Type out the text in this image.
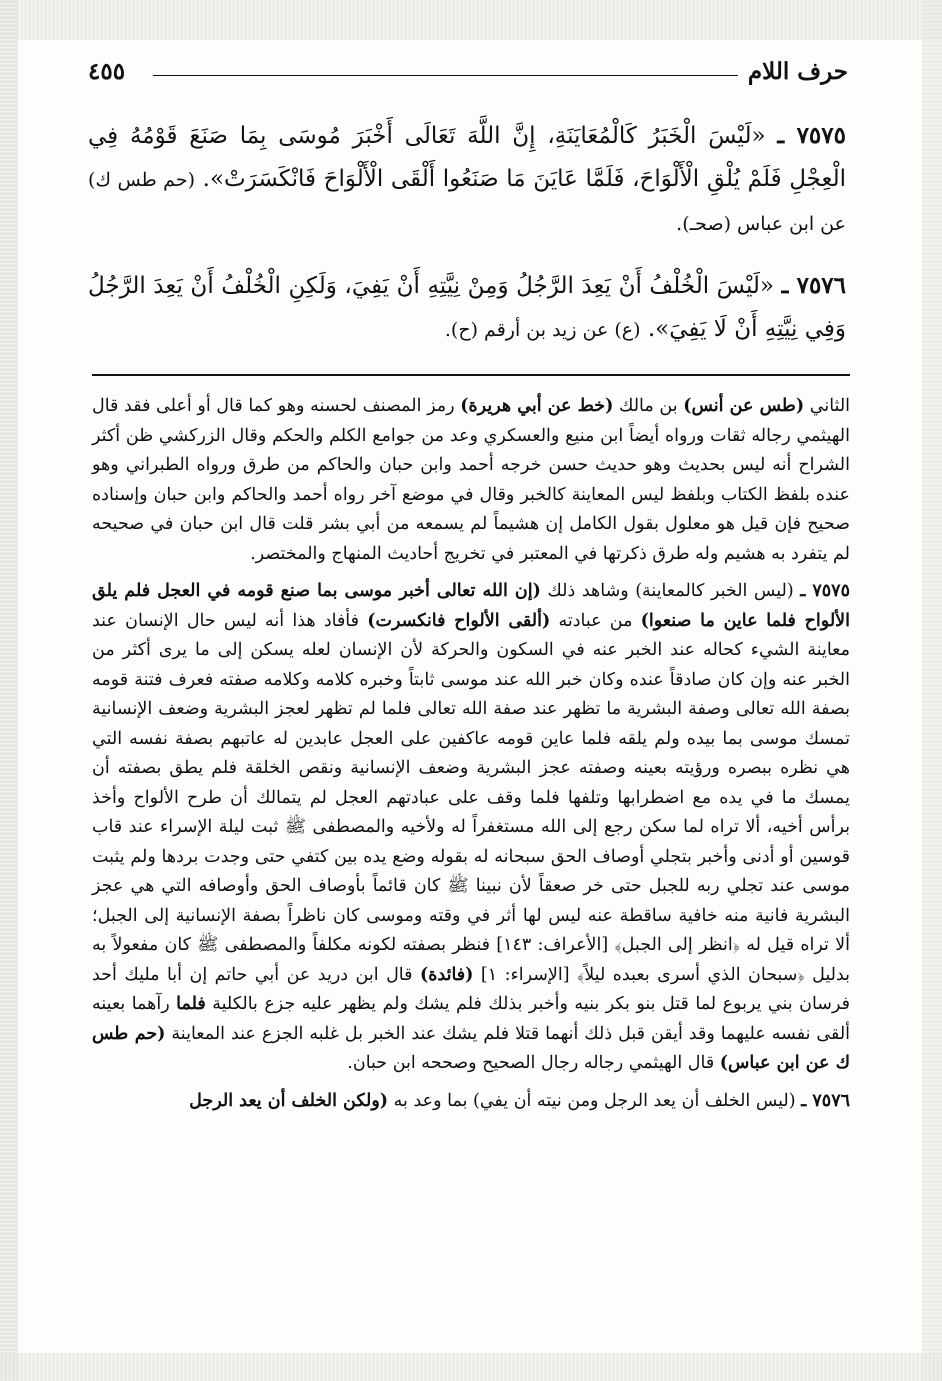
حرف اللام
٤٥٥
٧٥٧٥ ـ «لَيْسَ الْخَبَرُ كَالْمُعَايَنَةِ، إِنَّ اللَّهَ تَعَالَى أَخْبَرَ مُوسَى بِمَا صَنَعَ قَوْمُهُ فِي الْعِجْلِ فَلَمْ يُلْقِ الْأَلْوَاحَ، فَلَمَّا عَايَنَ مَا صَنَعُوا أَلْقَى الْأَلْوَاحَ فَانْكَسَرَتْ». (حم طس ك) عن ابن عباس (صحـ).
٧٥٧٦ ـ «لَيْسَ الْخُلْفُ أَنْ يَعِدَ الرَّجُلُ وَمِنْ نِيَّتِهِ أَنْ يَفِيَ، وَلَكِنِ الْخُلْفُ أَنْ يَعِدَ الرَّجُلُ وَفِي نِيَّتِهِ أَنْ لَا يَفِيَ». (ع) عن زيد بن أرقم (ح).

الثاني (طس عن أنس) بن مالك (خط عن أبي هريرة) رمز المصنف لحسنه وهو كما قال أو أعلى فقد قال الهيثمي رجاله ثقات ورواه أيضاً ابن منيع والعسكري وعد من جوامع الكلم والحكم وقال الزركشي ظن أكثر الشراح أنه ليس بحديث وهو حديث حسن خرجه أحمد وابن حبان والحاكم من طرق ورواه الطبراني وهو عنده بلفظ الكتاب وبلفظ ليس المعاينة كالخبر وقال في موضع آخر رواه أحمد والحاكم وابن حبان وإسناده صحيح فإن قيل هو معلول بقول الكامل إن هشيماً لم يسمعه من أبي بشر قلت قال ابن حبان في صحيحه لم يتفرد به هشيم وله طرق ذكرتها في المعتبر في تخريج أحاديث المنهاج والمختصر.

٧٥٧٥ ـ (ليس الخبر كالمعاينة) وشاهد ذلك (إن الله تعالى أخبر موسى بما صنع قومه في العجل فلم يلق الألواح فلما عاين ما صنعوا) من عبادته (ألقى الألواح فانكسرت) فأفاد هذا أنه ليس حال الإنسان عند معاينة الشيء كحاله عند الخبر عنه في السكون والحركة لأن الإنسان لعله يسكن إلى ما يرى أكثر من الخبر عنه وإن كان صادقاً عنده وكان خبر الله عند موسى ثابتاً وخبره كلامه وكلامه صفته فعرف فتنة قومه بصفة الله تعالى وصفة البشرية ما تظهر عند صفة الله تعالى فلما لم تظهر لعجز البشرية وضعف الإنسانية تمسك موسى بما بيده ولم يلقه فلما عاين قومه عاكفين على العجل عابدين له عاتبهم بصفة نفسه التي هي نظره ببصره ورؤيته بعينه وصفته عجز البشرية وضعف الإنسانية ونقص الخلقة فلم يطق بصفته أن يمسك ما في يده مع اضطرابها وتلفها فلما وقف على عبادتهم العجل لم يتمالك أن طرح الألواح وأخذ برأس أخيه، ألا تراه لما سكن رجع إلى الله مستغفراً له ولأخيه والمصطفى ﷺ ثبت ليلة الإسراء عند قاب قوسين أو أدنى وأخبر بتجلي أوصاف الحق سبحانه له بقوله وضع يده بين كتفي حتى وجدت بردها ولم يثبت موسى عند تجلي ربه للجبل حتى خر صعقاً لأن نبينا ﷺ كان قائماً بأوصاف الحق وأوصافه التي هي عجز البشرية فانية منه خافية ساقطة عنه ليس لها أثر في وقته وموسى كان ناظراً بصفة الإنسانية إلى الجبل؛ ألا تراه قيل له ﴿انظر إلى الجبل﴾ [الأعراف: ١٤٣] فنظر بصفته لكونه مكلفاً والمصطفى ﷺ كان مفعولاً به بدليل ﴿سبحان الذي أسرى بعبده ليلاً﴾ [الإسراء: ١] (فائدة) قال ابن دريد عن أبي حاتم إن أبا مليك أحد فرسان بني يربوع لما قتل بنو بكر بنيه وأخبر بذلك فلم يشك ولم يظهر عليه جزع بالكلية فلما رآهما بعينه ألقى نفسه عليهما وقد أيقن قبل ذلك أنهما قتلا فلم يشك عند الخبر بل غلبه الجزع عند المعاينة (حم طس ك عن ابن عباس) قال الهيثمي رجاله رجال الصحيح وصححه ابن حبان.

٧٥٧٦ ـ (ليس الخلف أن يعد الرجل ومن نيته أن يفي) بما وعد به (ولكن الخلف أن يعد الرجل
